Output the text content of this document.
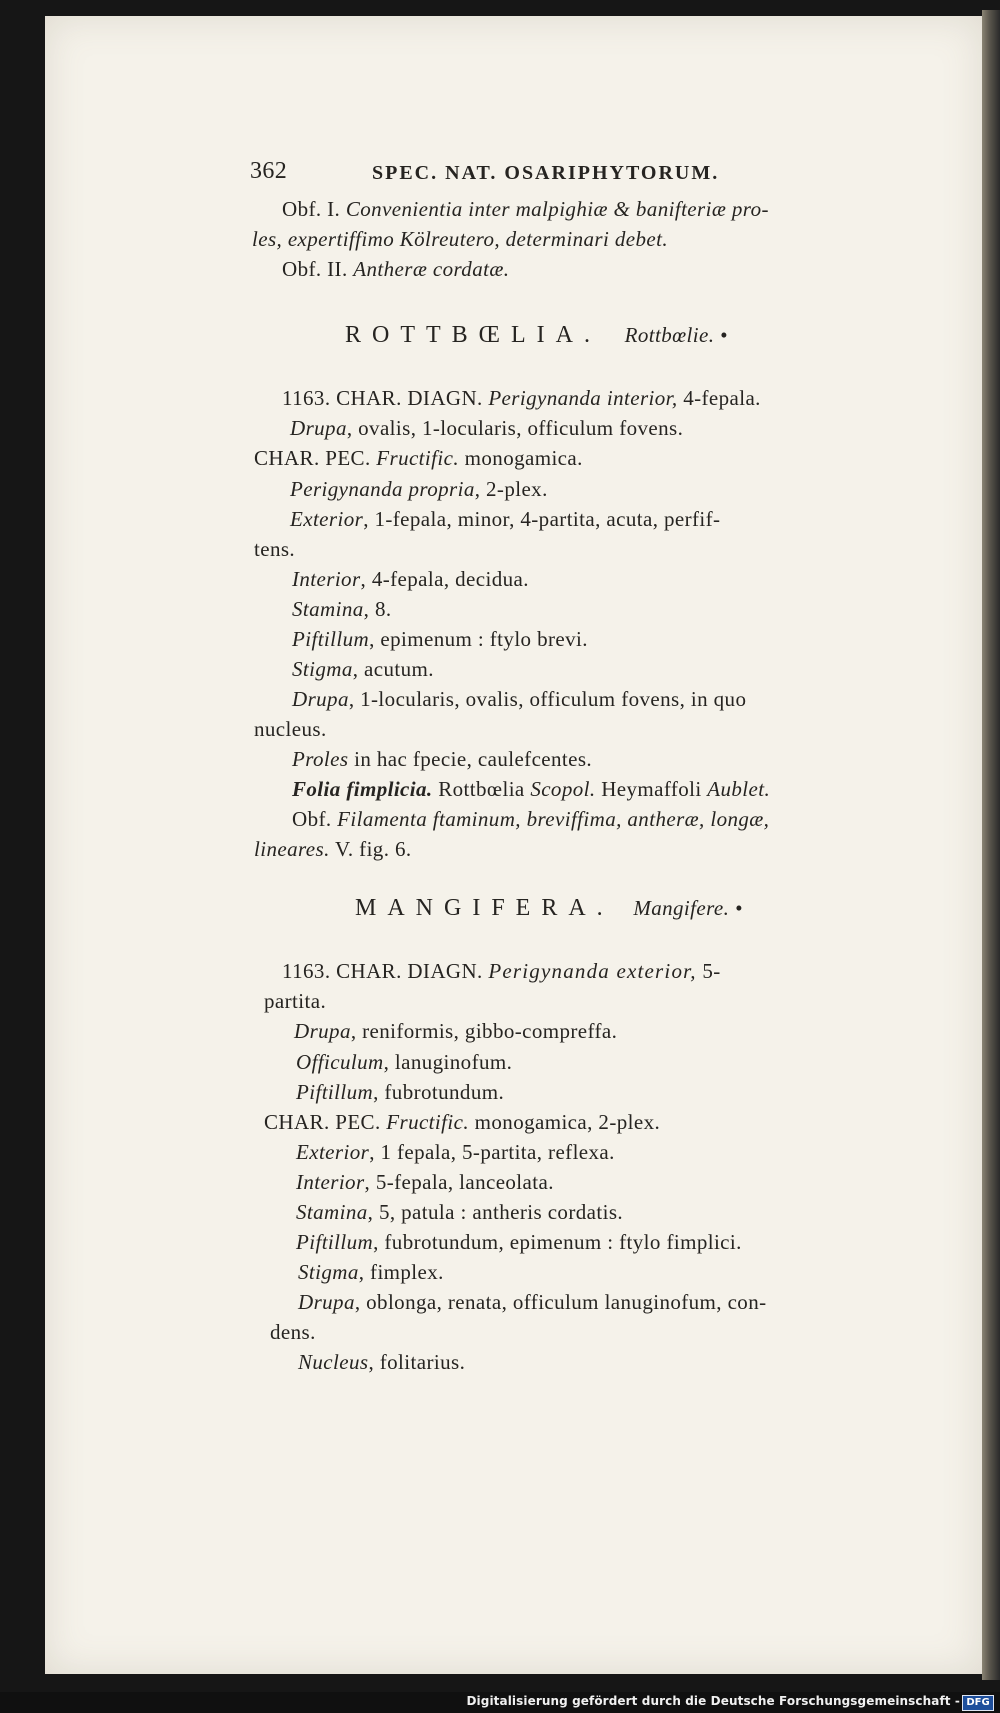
362	SPEC. NAT. OSARIPHYTORUM.
Obf. I. Convenientia inter malpighiæ & banifteriæ pro-
les, expertiffimo Kölreutero, determinari debet.
Obf. II. Antheræ cordatæ.
ROTTBŒLIA. Rottbœlie. •
1163. CHAR. DIAGN. Perigynanda interior, 4-fepala.
Drupa, ovalis, 1-locularis, officulum fovens.
CHAR. PEC. Fructific. monogamica.
Perigynanda propria, 2-plex.
Exterior, 1-fepala, minor, 4-partita, acuta, perfif-
tens.
Interior, 4-fepala, decidua.
Stamina, 8.
Piftillum, epimenum : ftylo brevi.
Stigma, acutum.
Drupa, 1-locularis, ovalis, officulum fovens, in quo
nucleus.
Proles in hac fpecie, caulefcentes.
Folia fimplicia. Rottbœlia Scopol. Heymaffoli Aublet.
Obf. Filamenta ftaminum, breviffima, antheræ, longæ,
lineares. V. fig. 6.
MANGIFERA. Mangifere. •
1163. CHAR. DIAGN. Perigynanda exterior, 5-
partita.
Drupa, reniformis, gibbo-compreffa.
Officulum, lanuginofum.
Piftillum, fubrotundum.
CHAR. PEC. Fructific. monogamica, 2-plex.
Exterior, 1 fepala, 5-partita, reflexa.
Interior, 5-fepala, lanceolata.
Stamina, 5, patula : antheris cordatis.
Piftillum, fubrotundum, epimenum : ftylo fimplici.
Stigma, fimplex.
Drupa, oblonga, renata, officulum lanuginofum, con-
dens.
Nucleus, folitarius.
Digitalisierung gefördert durch die Deutsche Forschungsgemeinschaft - DFG
